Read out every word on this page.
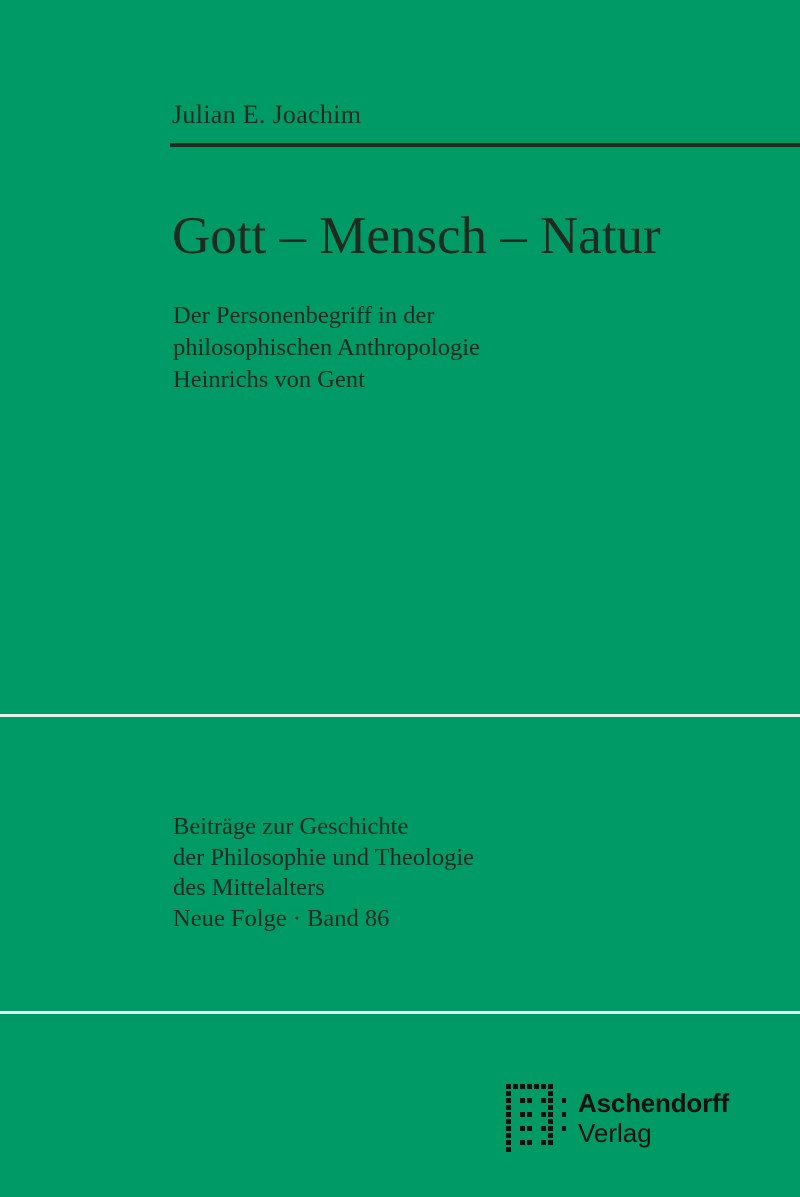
Julian E. Joachim
Gott – Mensch – Natur
Der Personenbegriff in der
philosophischen Anthropologie
Heinrichs von Gent
Beiträge zur Geschichte
der Philosophie und Theologie
des Mittelalters
Neue Folge · Band 86
Aschendorff
Verlag
